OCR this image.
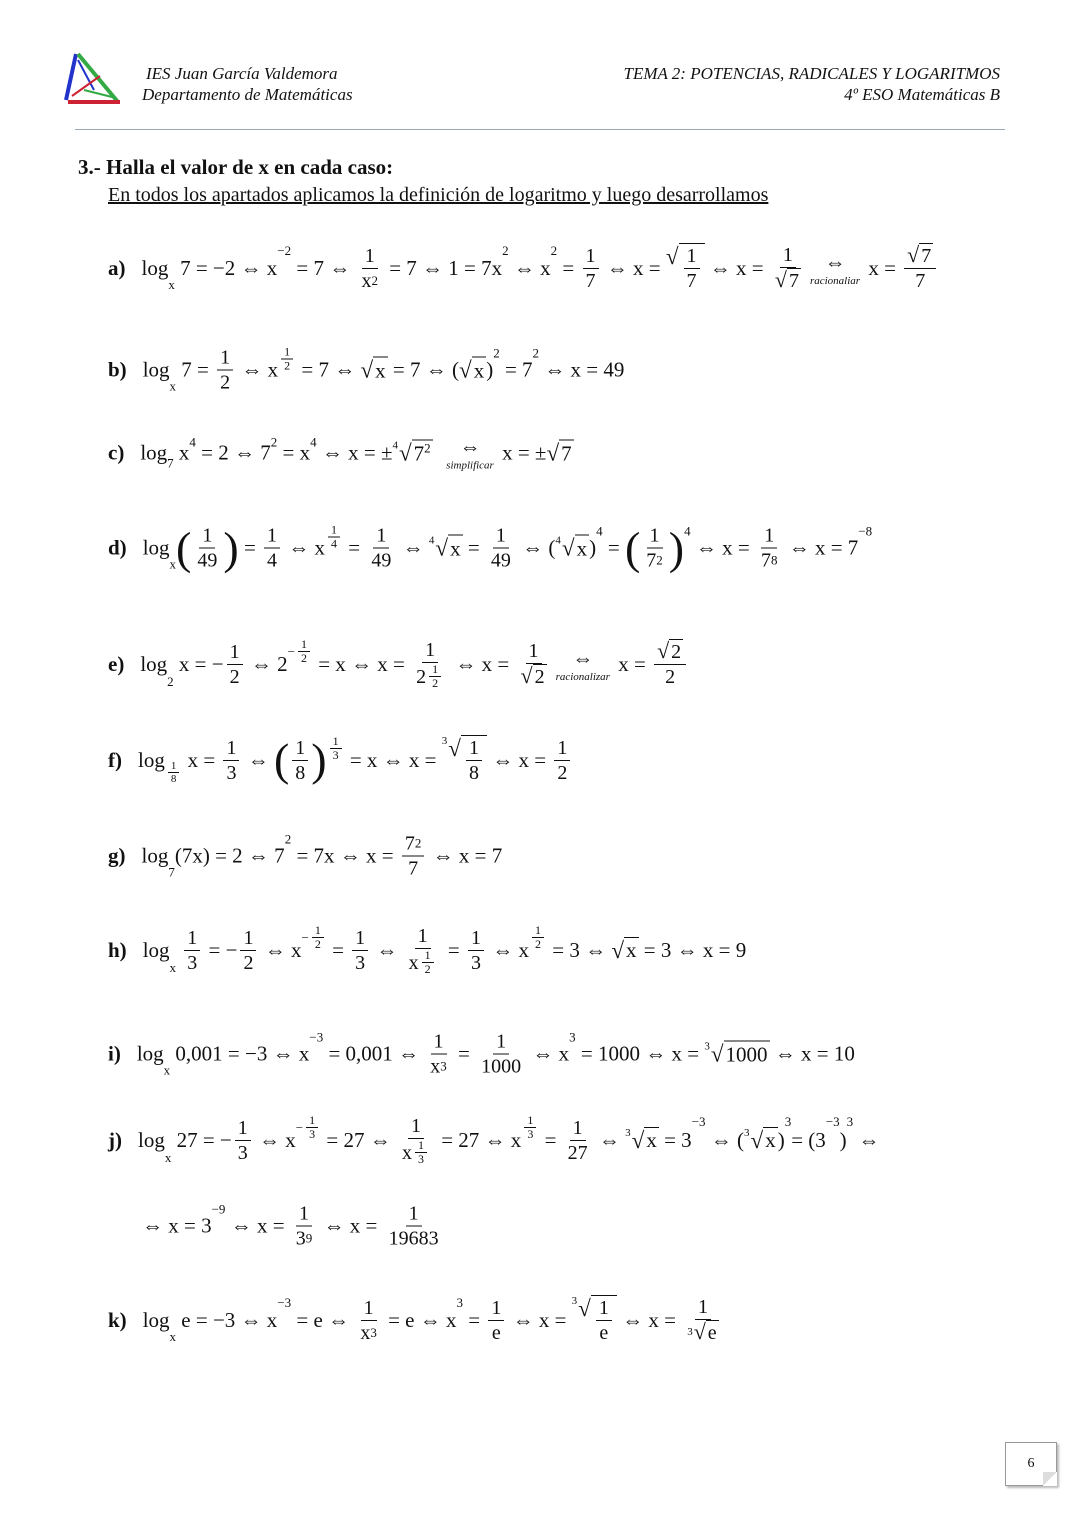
IES Juan García Valdemora
Departamento de Matemáticas
TEMA 2: POTENCIAS, RADICALES Y LOGARITMOS
4º ESO Matemáticas B
3.- Halla el valor de x en cada caso:
En todos los apartados aplicamos la definición de logaritmo y luego desarrollamos
a) log
x
7 = −2 ⇔ x
−2
= 7 ⇔ $\frac{1}{x 2} = 7$ ⇔ 1 = 7x
2
⇔ x
2
= $\frac{1}{7}$ ⇔ x = √ $\frac{1}{7}$ ⇔ $x = \frac{1}{√ 7}$ ⇔
racionaliar
$x = \frac{√ 7}{7}$
b) log
x
$7 = \frac{1}{2}$ ⇔ x $\frac{1}{2} = 7$ ⇔ √ x = 7 ⇔ ( √ x )
2
= 7
2
⇔ x = 49
c) log 7 x 4 = 2 ⇔ 7 2 = x 4 ⇔ x = ± 4 √ 7 2
⇔
simplificar
x = ± √ 7
d) log
x ( $\frac{1}{49}$ ) = $\frac{1}{4}$ ⇔ x $\frac{1}{4} = \frac{1}{49}$ ⇔ 4 √ $x = \frac{1}{49}$ ⇔ ( 4 √ x )
4
= ( $\frac{1}{7 2}$ ) 4
⇔ $x = \frac{1}{7 8}$ ⇔ x = 7
−8
e) log
2
x = − $\frac{1}{2}$ ⇔ 2
− $\frac{1}{2} = x$ ⇔ $x = \frac{1}{2 \frac{1}{2}}$ ⇔ $x = \frac{1}{√ 2}$ ⇔
racionalizar
$x = \frac{√ 2}{2}$
f) log
$\frac{1}{8}$
$x = \frac{1}{3}$ ⇔ ( $\frac{1}{8}$ ) $\frac{1}{3} = x$ ⇔ x =
3 √ $\frac{1}{8}$ ⇔ $x = \frac{1}{2}$
g) log
7
(7x) = 2 ⇔ 7
2
= 7x ⇔ $x = \frac{7 2}{7}$ ⇔ x = 7
h) log
x
$\frac{1}{3}$ = − $\frac{1}{2}$ ⇔ x
− $\frac{1}{2} = \frac{1}{3}$ ⇔ $\frac{1}{x \frac{1}{2}} = \frac{1}{3}$ ⇔ x $\frac{1}{2} = 3$ ⇔ √ x = 3 ⇔ x = 9
i) log
x
0,001 = −3 ⇔ x
−3
= 0,001 ⇔ $\frac{1}{x 3} = \frac{1}{1000}$ ⇔ x
3
= 1000 ⇔ x = 3 √ 1000 ⇔ x = 10
j) log
x
27 = − $\frac{1}{3}$ ⇔ x
− $\frac{1}{3} = 27$ ⇔ $\frac{1}{x \frac{1}{3}} = 27$ ⇔ x $\frac{1}{3} = \frac{1}{27}$ ⇔ 3 √ x = 3
−3
⇔ ( 3 √ x )
3
= (3
−3
)
3
⇔
⇔ x = 3
−9
⇔ $x = \frac{1}{3 9}$ ⇔ $x = \frac{1}{19683}$
k) log
x
e = −3 ⇔ x
−3
= e ⇔ $\frac{1}{x 3} = e$ ⇔ x
3
= $\frac{1}{e}$ ⇔ x =
3 √ $\frac{1}{e}$ ⇔ $x = \frac{1}{3 √ e}$
6
